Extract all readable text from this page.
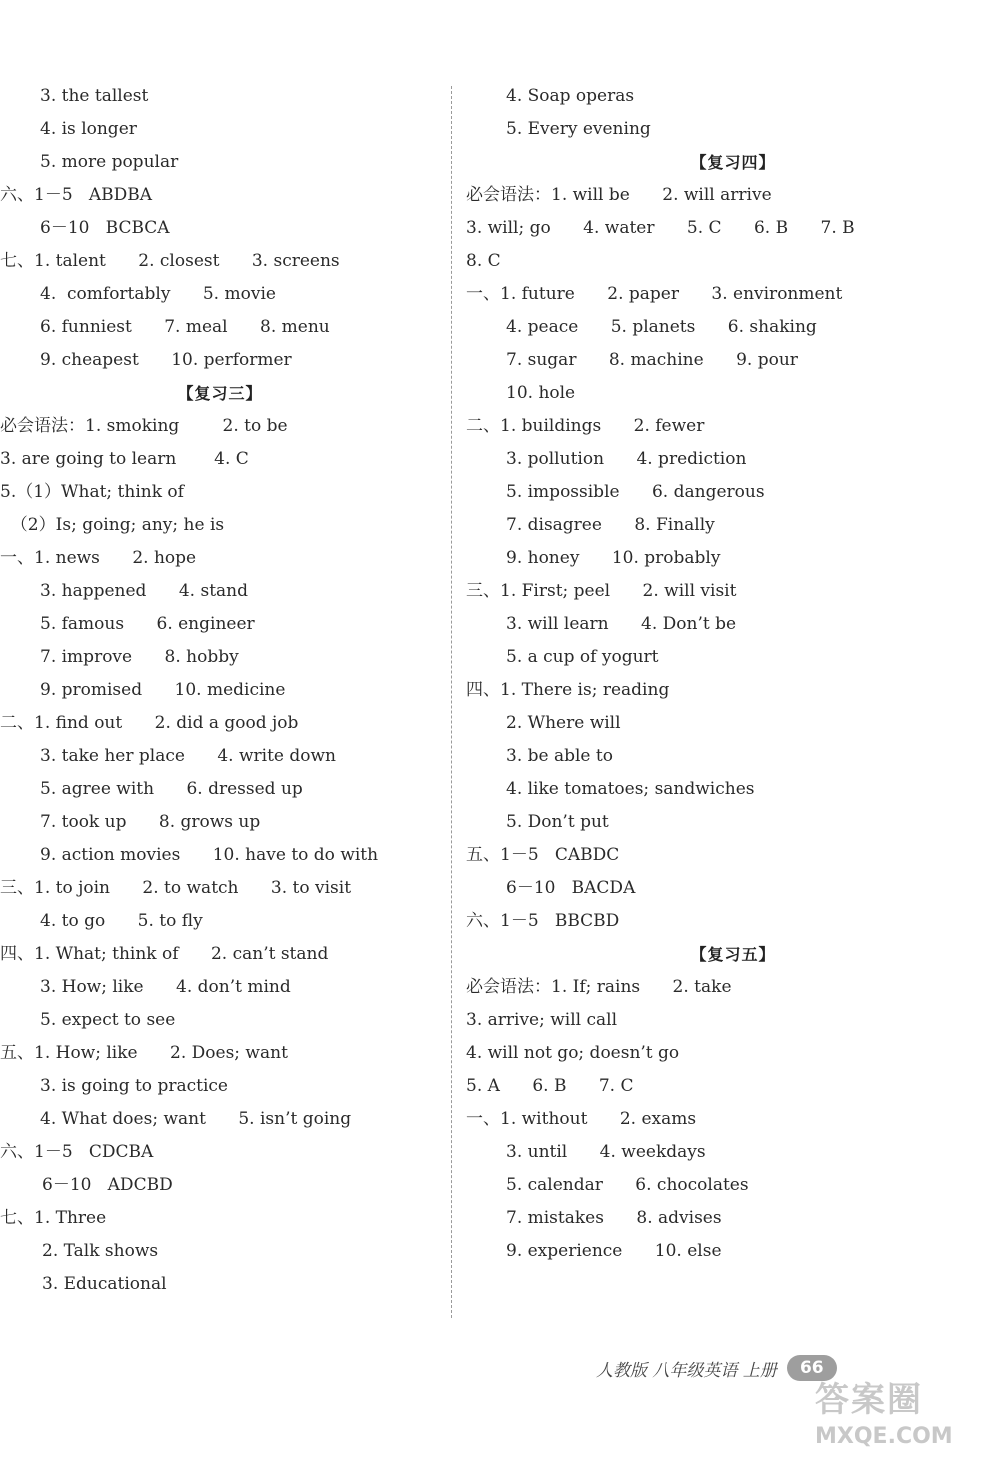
3. the tallest
4. is longer
5. more popular
六、1－5   ABDBA
6－10   BCBCA
七、1. talent      2. closest      3. screens
4.  comfortably      5. movie
6. funniest      7. meal      8. menu
9. cheapest      10. performer
【复习三】
必会语法：1. smoking        2. to be
3. are going to learn       4. C
5.（1）What; think of
（2）Is; going; any; he is
一、1. news      2. hope
3. happened      4. stand
5. famous      6. engineer
7. improve      8. hobby
9. promised      10. medicine
二、1. find out      2. did a good job
3. take her place      4. write down
5. agree with      6. dressed up
7. took up      8. grows up
9. action movies      10. have to do with
三、1. to join      2. to watch      3. to visit
4. to go      5. to fly
四、1. What; think of      2. can’t stand
3. How; like      4. don’t mind
5. expect to see
五、1. How; like      2. Does; want
3. is going to practice
4. What does; want      5. isn’t going
六、1－5   CDCBA
6－10   ADCBD
七、1. Three
2. Talk shows
3. Educational
4. Soap operas
5. Every evening
【复习四】
必会语法：1. will be      2. will arrive
3. will; go      4. water      5. C      6. B      7. B
8. C
一、1. future      2. paper      3. environment
4. peace      5. planets      6. shaking
7. sugar      8. machine      9. pour
10. hole
二、1. buildings      2. fewer
3. pollution      4. prediction
5. impossible      6. dangerous
7. disagree      8. Finally
9. honey      10. probably
三、1. First; peel      2. will visit
3. will learn      4. Don’t be
5. a cup of yogurt
四、1. There is; reading
2. Where will
3. be able to
4. like tomatoes; sandwiches
5. Don’t put
五、1－5   CABDC
6－10   BACDA
六、1－5   BBCBD
【复习五】
必会语法：1. If; rains      2. take
3. arrive; will call
4. will not go; doesn’t go
5. A      6. B      7. C
一、1. without      2. exams
3. until      4. weekdays
5. calendar      6. chocolates
7. mistakes      8. advises
9. experience      10. else
人教版 八年级英语 上册	66
答案圈
MXQE.COM
